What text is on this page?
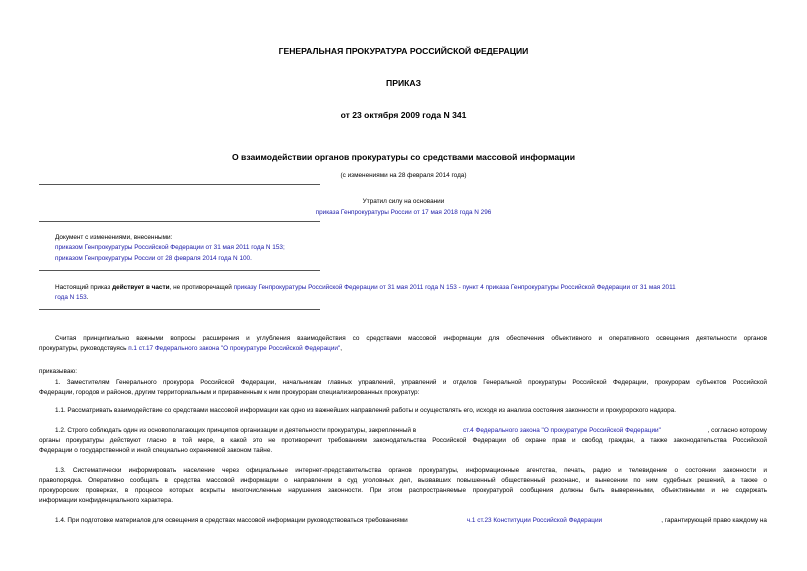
ГЕНЕРАЛЬНАЯ ПРОКУРАТУРА РОССИЙСКОЙ ФЕДЕРАЦИИ
ПРИКАЗ
от 23 октября 2009 года N 341
О взаимодействии органов прокуратуры со средствами массовой информации
(с изменениями на 28 февраля 2014 года)
Утратил силу на основании
приказа Генпрокуратуры России от 17 мая 2018 года N 296
Документ с изменениями, внесенными:
приказом Генпрокуратуры Российской Федерации от 31 мая 2011 года N 153;
приказом Генпрокуратуры России от 28 февраля 2014 года N 100.
Настоящий приказ действует в части, не противоречащей приказу Генпрокуратуры Российской Федерации от 31 мая 2011 года N 153 - пункт 4 приказа Генпрокуратуры Российской Федерации от 31 мая 2011
года N 153.
Считая принципиально важными вопросы расширения и углубления взаимодействия со средствами массовой информации для обеспечения объективного и оперативного освещения деятельности органов
прокуратуры, руководствуясь п.1 ст.17 Федерального закона "О прокуратуре Российской Федерации",
приказываю:
1. Заместителям Генерального прокурора Российской Федерации, начальникам главных управлений, управлений и отделов Генеральной прокуратуры Российской Федерации, прокурорам субъектов Российской
Федерации, городов и районов, другим территориальным и приравненным к ним прокурорам специализированных прокуратур:
1.1. Рассматривать взаимодействие со средствами массовой информации как одно из важнейших направлений работы и осуществлять его, исходя из анализа состояния законности и прокурорского надзора.
1.2. Строго соблюдать один из основополагающих принципов организации и деятельности прокуратуры, закрепленный в	ст.4 Федерального закона "О прокуратуре Российской Федерации"	, согласно которому
органы прокуратуры действуют гласно в той мере, в какой это не противоречит требованиям законодательства Российской Федерации об охране прав и свобод граждан, а также законодательства Российской
Федерации о государственной и иной специально охраняемой законом тайне.
1.3. Систематически информировать население через официальные интернет-представительства органов прокуратуры, информационные агентства, печать, радио и телевидение о состоянии законности и
правопорядка. Оперативно сообщать в средства массовой информации о направлении в суд уголовных дел, вызвавших повышенный общественный резонанс, и вынесении по ним судебных решений, а также о
прокурорских проверках, в процессе которых вскрыты многочисленные нарушения законности. При этом распространяемые прокуратурой сообщения должны быть выверенными, объективными и не содержать
информации конфиденциального характера.
1.4. При подготовке материалов для освещения в средствах массовой информации руководствоваться требованиями	ч.1 ст.23 Конституции Российской Федерации	, гарантирующей право каждому на
